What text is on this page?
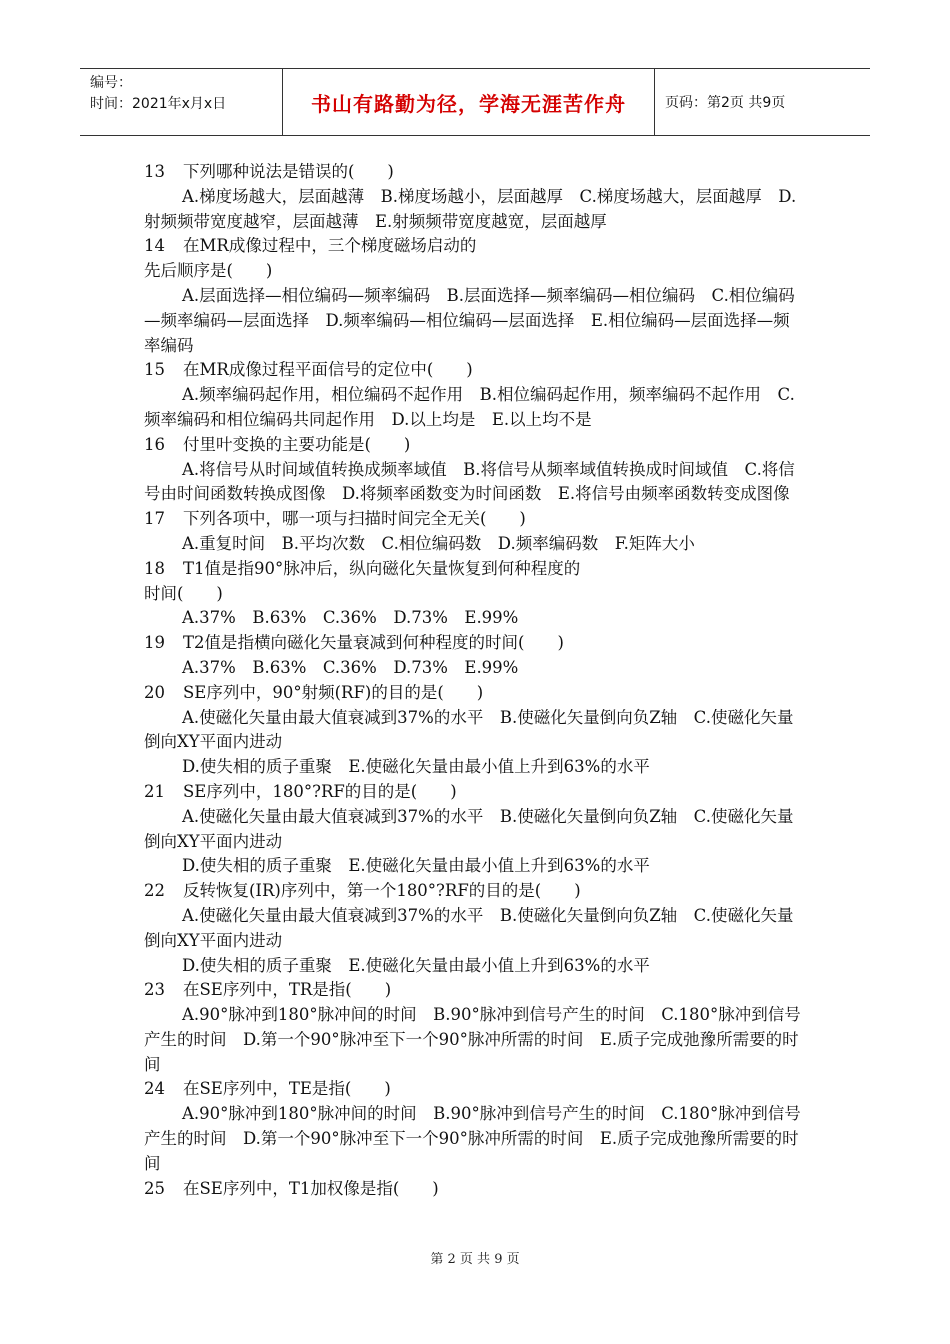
编号：
时间：2021年x月x日	书山有路勤为径，学海无涯苦作舟	页码：第2页 共9页

13 下列哪种说法是错误的(　　)

A.梯度场越大，层面越薄　B.梯度场越小，层面越厚　C.梯度场越大，层面越厚　D.射频频带宽度越窄，层面越薄　E.射频频带宽度越宽，层面越厚

14 在MR成像过程中，三个梯度磁场启动的

先后顺序是(　　)

A.层面选择—相位编码—频率编码　B.层面选择—频率编码—相位编码　C.相位编码—频率编码—层面选择　D.频率编码—相位编码—层面选择　E.相位编码—层面选择—频率编码

15 在MR成像过程平面信号的定位中(　　)

A.频率编码起作用，相位编码不起作用　B.相位编码起作用，频率编码不起作用　C.频率编码和相位编码共同起作用　D.以上均是　E.以上均不是

16 付里叶变换的主要功能是(　　)

A.将信号从时间域值转换成频率域值　B.将信号从频率域值转换成时间域值　C.将信号由时间函数转换成图像　D.将频率函数变为时间函数　E.将信号由频率函数转变成图像

17 下列各项中，哪一项与扫描时间完全无关(　　)

A.重复时间　B.平均次数　C.相位编码数　D.频率编码数　F.矩阵大小

18 T1值是指90°脉冲后，纵向磁化矢量恢复到何种程度的

时间(　　)

A.37%　B.63%　C.36%　D.73%　E.99%

19 T2值是指横向磁化矢量衰减到何种程度的时间(　　)

A.37%　B.63%　C.36%　D.73%　E.99%

20 SE序列中，90°射频(RF)的目的是(　　)

A.使磁化矢量由最大值衰减到37%的水平　B.使磁化矢量倒向负Z轴　C.使磁化矢量倒向XY平面内进动

D.使失相的质子重聚　E.使磁化矢量由最小值上升到63%的水平

21 SE序列中，180°?RF的目的是(　　)

A.使磁化矢量由最大值衰减到37%的水平　B.使磁化矢量倒向负Z轴　C.使磁化矢量倒向XY平面内进动

D.使失相的质子重聚　E.使磁化矢量由最小值上升到63%的水平

22 反转恢复(IR)序列中，第一个180°?RF的目的是(　　)

A.使磁化矢量由最大值衰减到37%的水平　B.使磁化矢量倒向负Z轴　C.使磁化矢量倒向XY平面内进动

D.使失相的质子重聚　E.使磁化矢量由最小值上升到63%的水平

23 在SE序列中，TR是指(　　)

A.90°脉冲到180°脉冲间的时间　B.90°脉冲到信号产生的时间　C.180°脉冲到信号产生的时间　D.第一个90°脉冲至下一个90°脉冲所需的时间　E.质子完成弛豫所需要的时间

24 在SE序列中，TE是指(　　)

A.90°脉冲到180°脉冲间的时间　B.90°脉冲到信号产生的时间　C.180°脉冲到信号产生的时间　D.第一个90°脉冲至下一个90°脉冲所需的时间　E.质子完成弛豫所需要的时间

25 在SE序列中，T1加权像是指(　　)

第 2 页 共 9 页
